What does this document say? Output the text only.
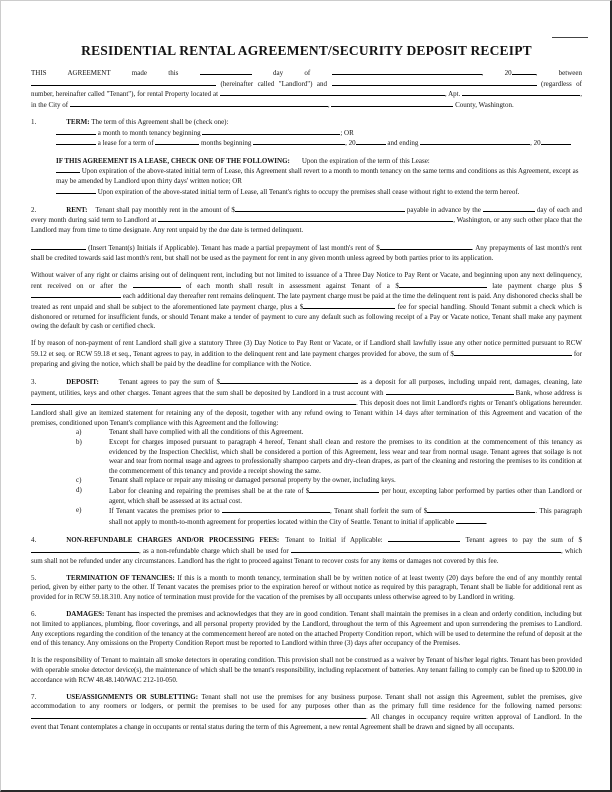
RESIDENTIAL RENTAL AGREEMENT/SECURITY DEPOSIT RECEIPT
THIS AGREEMENT made this	day of	, 20	, between  (hereinafter called "Landlord") and	(regardless of number, hereinafter called "Tenant"), for rental Property located at	, Apt.	, in the City of	,	County, Washington.
1.	TERM: The term of this Agreement shall be (check one):
a month to month tenancy beginning	; OR
a lease for a term of	months beginning	, 20	and ending	, 20
IF THIS AGREEMENT IS A LEASE, CHECK ONE OF THE FOLLOWING: Upon the expiration of the term of this Lease:
Upon expiration of the above-stated initial term of Lease, this Agreement shall revert to a month to month tenancy on the same terms and conditions as this Agreement, except as may be amended by Landlord upon thirty days' written notice; OR
Upon expiration of the above-stated initial term of Lease, all Tenant's rights to occupy the premises shall cease without right to extend the term hereof.
2.	RENT: Tenant shall pay monthly rent in the amount of $	payable in advance by the	day of each and every month during said term to Landlord at	, Washington, or any such other place that the Landlord may from time to time designate. Any rent unpaid by the due date is termed delinquent.
(Insert Tenant(s) Initials if Applicable). Tenant has made a partial prepayment of last month's rent of $	. Any prepayments of last month's rent shall be credited towards said last month's rent, but shall not be used as the payment for rent in any given month unless agreed by both parties prior to its application.
Without waiver of any right or claims arising out of delinquent rent, including but not limited to issuance of a Three Day Notice to Pay Rent or Vacate, and beginning upon any next delinquency, rent received on or after the	of each month shall result in assessment against Tenant of a $	late payment charge plus $ each additional day thereafter rent remains delinquent. The late payment charge must be paid at the time the delinquent rent is paid. Any dishonored checks shall be treated as rent unpaid and shall be subject to the aforementioned late payment charge, plus a $	fee for special handling. Should Tenant submit a check which is dishonored or returned for insufficient funds, or should Tenant make a tender of payment to cure any default such as following receipt of a Pay or Vacate notice, Tenant shall make any payment owing the default by cash or certified check.
If by reason of non-payment of rent Landlord shall give a statutory Three (3) Day Notice to Pay Rent or Vacate, or if Landlord shall lawfully issue any other notice permitted pursuant to RCW 59.12 et seq. or RCW 59.18 et seq., Tenant agrees to pay, in addition to the delinquent rent and late payment charges provided for above, the sum of $	for preparing and giving the notice, which shall be paid by the deadline for compliance with the Notice.
3.	DEPOSIT:	Tenant agrees to pay the sum of $	as a deposit for all purposes, including unpaid rent, damages, cleaning, late payment, utilities, keys and other charges. Tenant agrees that the sum shall be deposited by Landlord in a trust account with	Bank, whose address is . This deposit does not limit Landlord's rights or Tenant's obligations hereunder. Landlord shall give an itemized statement for retaining any of the deposit, together with any refund owing to Tenant within 14 days after termination of this Agreement and vacation of the premises, conditioned upon Tenant's compliance with this Agreement and the following:
a)	Tenant shall have complied with all the conditions of this Agreement.
b)	Except for charges imposed pursuant to paragraph 4 hereof, Tenant shall clean and restore the premises to its condition at the commencement of this tenancy as evidenced by the Inspection Checklist, which shall be considered a portion of this Agreement, less wear and tear from normal usage. Tenant agrees that soilage is not wear and tear from normal usage and agrees to professionally shampoo carpets and dry-clean drapes, as part of the cleaning and restoring the premises to its condition at the commencement of this tenancy and provide a receipt showing the same.
c)	Tenant shall replace or repair any missing or damaged personal property by the owner, including keys.
d)	Labor for cleaning and repairing the premises shall be at the rate of $	per hour, excepting labor performed by parties other than Landlord or agent, which shall be assessed at its actual cost.
e)	If Tenant vacates the premises prior to	, Tenant shall forfeit the sum of $	. This paragraph shall not apply to month-to-month agreement for properties located within the City of Seattle. Tenant to initial if applicable	.
4.	NON-REFUNDABLE CHARGES AND/OR PROCESSING FEES: Tenant to Initial if Applicable:	Tenant agrees to pay the sum of $, as a non-refundable charge which shall be used for	, which sum shall not be refunded under any circumstances. Landlord has the right to proceed against Tenant to recover costs for any items or damages not covered by this fee.
5.	TERMINATION OF TENANCIES: If this is a month to month tenancy, termination shall be by written notice of at least twenty (20) days before the end of any monthly rental period, given by either party to the other. If Tenant vacates the premises prior to the expiration hereof or without notice as required by this paragraph, Tenant shall be liable for additional rent as provided for in RCW 59.18.310. Any notice of termination must provide for the vacation of the premises by all occupants unless otherwise agreed to by Landlord in writing.
6.	DAMAGES: Tenant has inspected the premises and acknowledges that they are in good condition. Tenant shall maintain the premises in a clean and orderly condition, including but not limited to appliances, plumbing, floor coverings, and all personal property provided by the Landlord, throughout the term of this Agreement and upon surrendering the premises to Landlord. Any exceptions regarding the condition of the tenancy at the commencement hereof are noted on the attached Property Condition report, which will be used to determine the refund of deposit at the end of this tenancy. Any omissions on the Property Condition Report must be reported to Landlord within three (3) days after occupancy of the Premises.
It is the responsibility of Tenant to maintain all smoke detectors in operating condition. This provision shall not be construed as a waiver by Tenant of his/her legal rights. Tenant has been provided with operable smoke detector device(s), the maintenance of which shall be the tenant's responsibility, including replacement of batteries. Any tenant failing to comply can be fined up to $200.00 in accordance with RCW 48.48.140/WAC 212-10-050.
7.	USE/ASSIGNMENTS OR SUBLETTING: Tenant shall not use the premises for any business purpose. Tenant shall not assign this Agreement, sublet the premises, give accommodation to any roomers or lodgers, or permit the premises to be used for any purposes other than as the primary full time residence for the following named persons: . All changes in occupancy require written approval of Landlord. In the event that Tenant contemplates a change in occupants or rental status during the term of this Agreement, a new rental Agreement shall be drawn and signed by all occupants.
